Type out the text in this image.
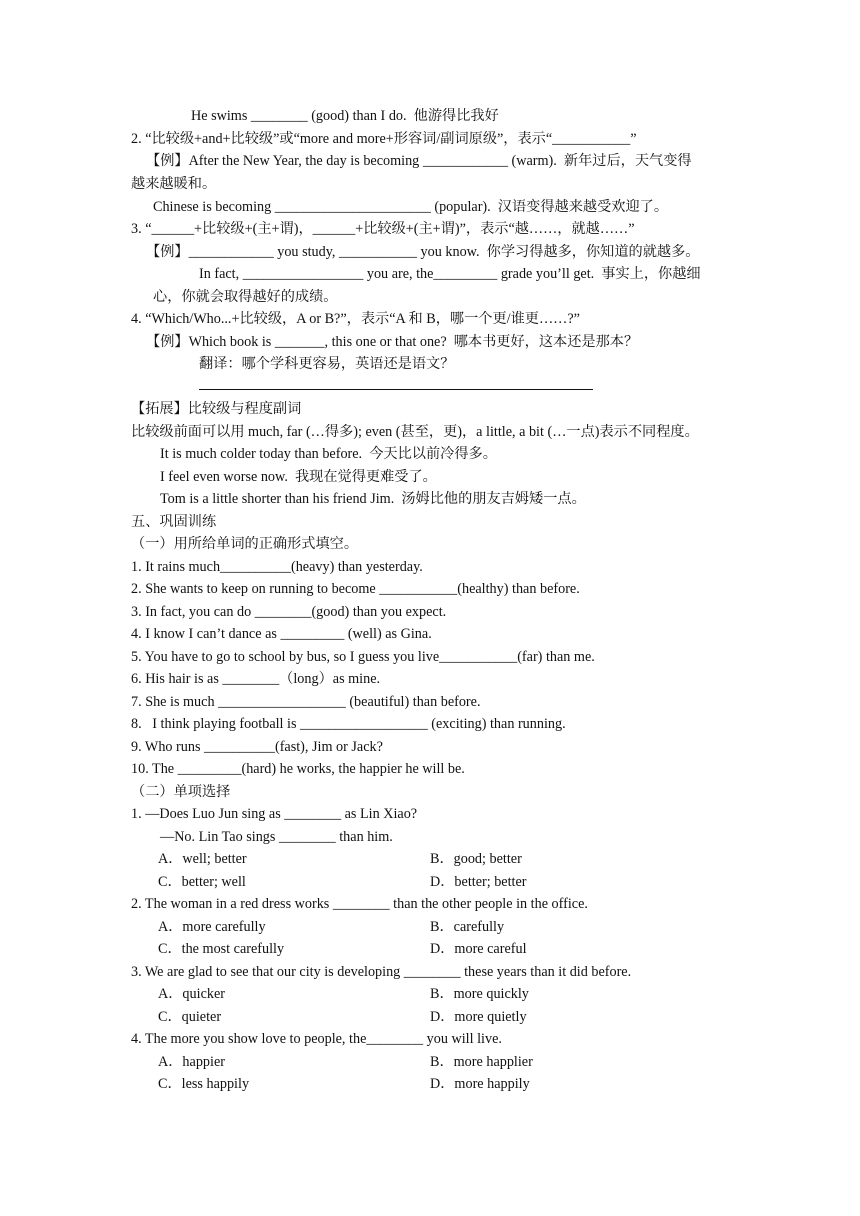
He swims ________ (good) than I do.  他游得比我好
2. “比较级+and+比较级”或“more and more+形容词/副词原级”，表示“___________”
【例】After the New Year, the day is becoming ____________ (warm).  新年过后，天气变得
越来越暖和。
Chinese is becoming ______________________ (popular).  汉语变得越来越受欢迎了。
3. “______+比较级+(主+谓)，______+比较级+(主+谓)”，表示“越……，就越……”
【例】____________ you study, ___________ you know.  你学习得越多，你知道的就越多。
In fact, _________________ you are, the_________ grade you’ll get.  事实上，你越细
心，你就会取得越好的成绩。
4. “Which/Who...+比较级，A or B?”，表示“A 和 B，哪一个更/谁更……?”
【例】Which book is _______, this one or that one?  哪本书更好，这本还是那本？
翻译：哪个学科更容易，英语还是语文？
【拓展】比较级与程度副词
比较级前面可以用 much, far (…得多); even (甚至，更)，a little, a bit (…一点)表示不同程度。
It is much colder today than before.  今天比以前冷得多。
I feel even worse now.  我现在觉得更难受了。
Tom is a little shorter than his friend Jim.  汤姆比他的朋友吉姆矮一点。
五、巩固训练
（一）用所给单词的正确形式填空。
1. It rains much__________(heavy) than yesterday.
2. She wants to keep on running to become ___________(healthy) than before.
3. In fact, you can do ________(good) than you expect.
4. I know I can’t dance as _________ (well) as Gina.
5. You have to go to school by bus, so I guess you live___________(far) than me.
6. His hair is as ________（long）as mine.
7. She is much __________________ (beautiful) than before.
8.   I think playing football is __________________ (exciting) than running.
9. Who runs __________(fast), Jim or Jack?
10. The _________(hard) he works, the happier he will be.
（二）单项选择
1. —Does Luo Jun sing as ________ as Lin Xiao?
—No. Lin Tao sings ________ than him.
A．well; better	B．good; better
C．better; well	D．better; better
2. The woman in a red dress works ________ than the other people in the office.
A．more carefully	B．carefully
C．the most carefully	D．more careful
3. We are glad to see that our city is developing ________ these years than it did before.
A．quicker	B．more quickly
C．quieter	D．more quietly
4. The more you show love to people, the________ you will live.
A．happier	B．more happlier
C．less happily	D．more happily
